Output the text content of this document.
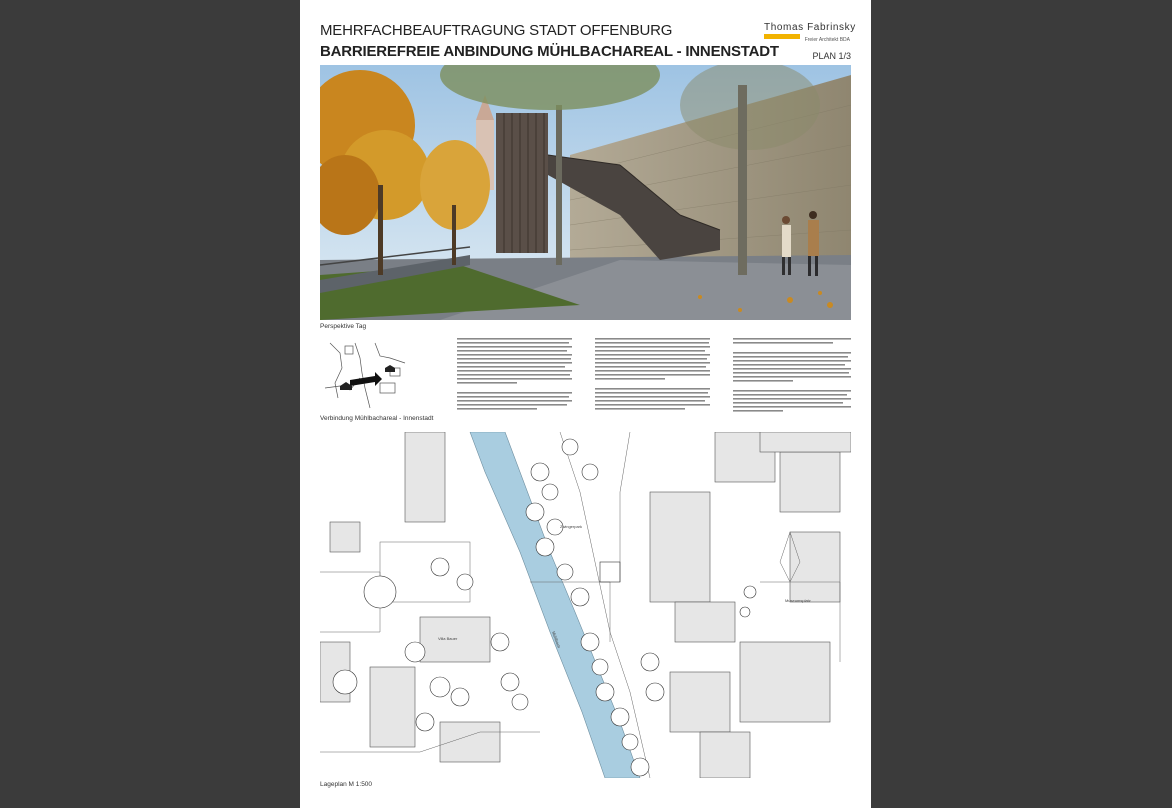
MEHRFACHBEAUFTRAGUNG STADT OFFENBURG
BARRIEREFREIE ANBINDUNG MÜHLBACHAREAL - INNENSTADT	PLAN 1/3
Thomas Fabrinsky
Freier Architekt BDA
Perspektive Tag
Verbindung Mühlbachareal - Innenstadt
Zwingerpark
Villa Bauer	Mühlbach
Museumsplatz
Lageplan M 1:500
